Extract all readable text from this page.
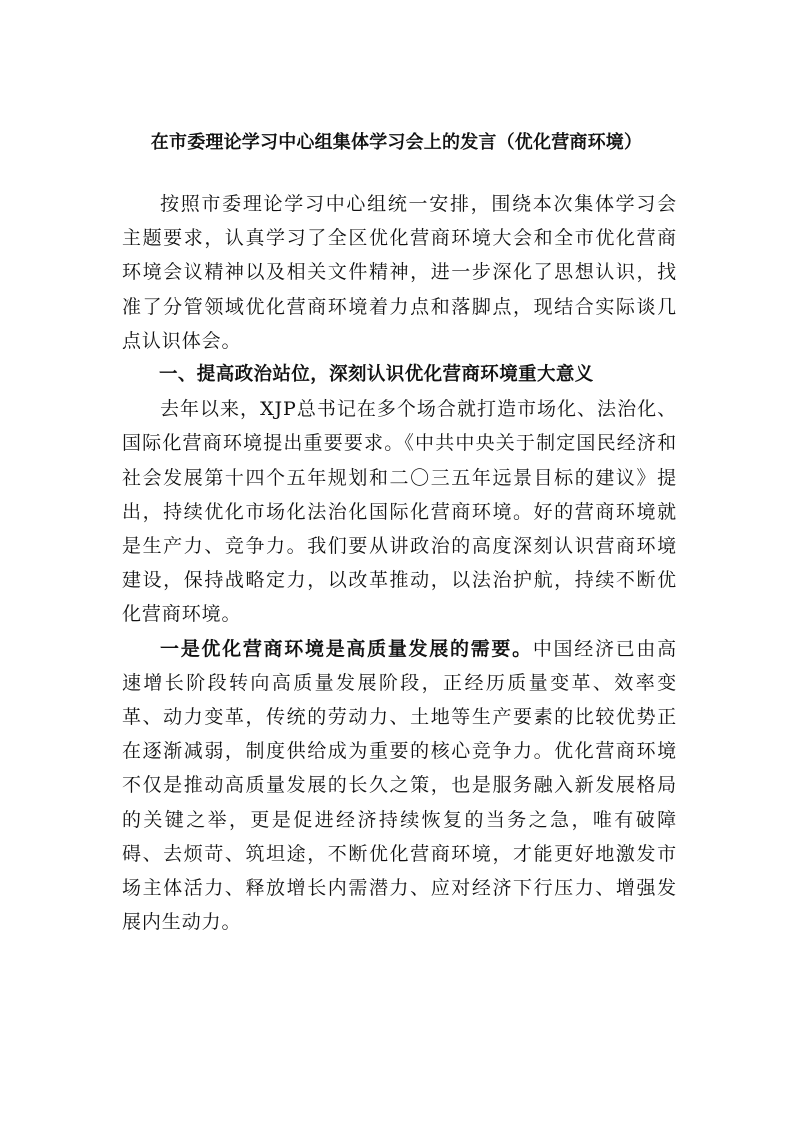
在市委理论学习中心组集体学习会上的发言（优化营商环境）

按照市委理论学习中心组统一安排，围绕本次集体学习会主题要求，认真学习了全区优化营商环境大会和全市优化营商环境会议精神以及相关文件精神，进一步深化了思想认识，找准了分管领域优化营商环境着力点和落脚点，现结合实际谈几点认识体会。

一、提高政治站位，深刻认识优化营商环境重大意义

去年以来，XJP总书记在多个场合就打造市场化、法治化、国际化营商环境提出重要要求。《中共中央关于制定国民经济和社会发展第十四个五年规划和二〇三五年远景目标的建议》提出，持续优化市场化法治化国际化营商环境。好的营商环境就是生产力、竞争力。我们要从讲政治的高度深刻认识营商环境建设，保持战略定力，以改革推动，以法治护航，持续不断优化营商环境。

一是优化营商环境是高质量发展的需要。中国经济已由高速增长阶段转向高质量发展阶段，正经历质量变革、效率变革、动力变革，传统的劳动力、土地等生产要素的比较优势正在逐渐减弱，制度供给成为重要的核心竞争力。优化营商环境不仅是推动高质量发展的长久之策，也是服务融入新发展格局的关键之举，更是促进经济持续恢复的当务之急，唯有破障碍、去烦苛、筑坦途，不断优化营商环境，才能更好地激发市场主体活力、释放增长内需潜力、应对经济下行压力、增强发展内生动力。
